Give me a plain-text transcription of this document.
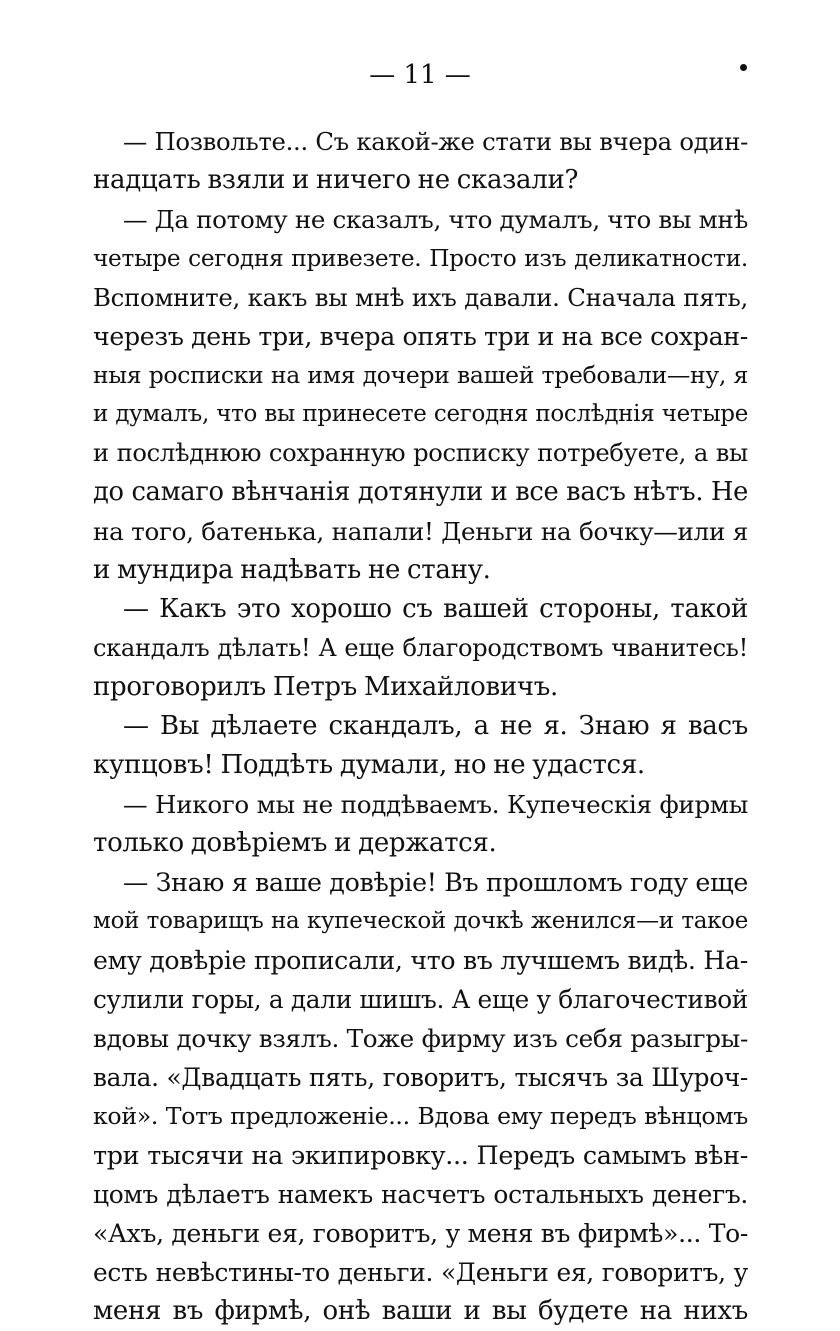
— 11 —
— Позвольте... Съ какой-же стати вы вчера один-
надцать взяли и ничего не сказали?
— Да потому не сказалъ, что думалъ, что вы мнѣ
четыре сегодня привезете. Просто изъ деликатности.
Вспомните, какъ вы мнѣ ихъ давали. Сначала пять,
черезъ день три, вчера опять три и на все сохран-
ныя росписки на имя дочери вашей требовали—ну, я
и думалъ, что вы принесете сегодня послѣднія четыре
и послѣднюю сохранную росписку потребуете, а вы
до самаго вѣнчанія дотянули и все васъ нѣтъ. Не
на того, батенька, напали! Деньги на бочку—или я
и мундира надѣвать не стану.
— Какъ это хорошо съ вашей стороны, такой
скандалъ дѣлать! А еще благородствомъ чванитесь!
проговорилъ Петръ Михайловичъ.
— Вы дѣлаете скандалъ, а не я. Знаю я васъ
купцовъ! Поддѣть думали, но не удастся.
— Никого мы не поддѣваемъ. Купеческія фирмы
только довѣріемъ и держатся.
— Знаю я ваше довѣріе! Въ прошломъ году еще
мой товарищъ на купеческой дочкѣ женился—и такое
ему довѣріе прописали, что въ лучшемъ видѣ. На-
сулили горы, а дали шишъ. А еще у благочестивой
вдовы дочку взялъ. Тоже фирму изъ себя разыгры-
вала. «Двадцать пять, говоритъ, тысячъ за Шуроч-
кой». Тотъ предложеніе... Вдова ему передъ вѣнцомъ
три тысячи на экипировку... Передъ самымъ вѣн-
цомъ дѣлаетъ намекъ насчетъ остальныхъ денегъ.
«Ахъ, деньги ея, говоритъ, у меня въ фирмѣ»... То-
есть невѣстины-то деньги. «Деньги ея, говоритъ, у
меня въ фирмѣ, онѣ ваши и вы будете на нихъ
